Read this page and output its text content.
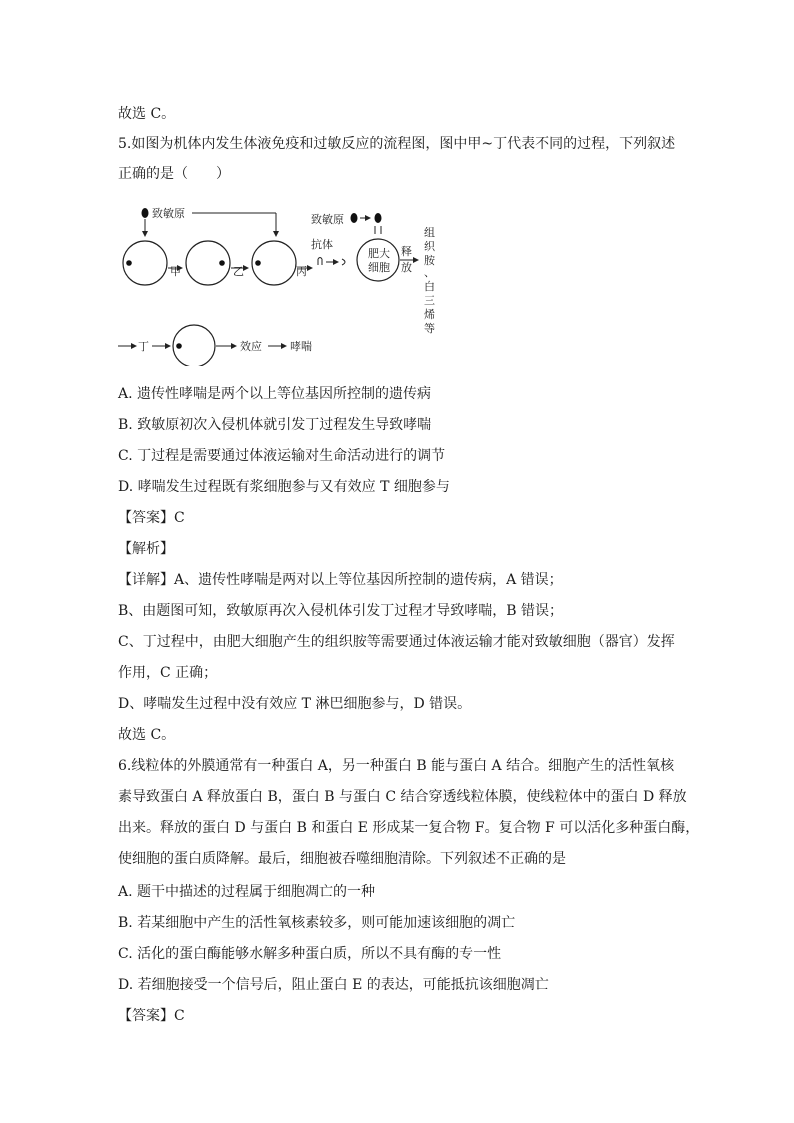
故选 C。
5.如图为机体内发生体液免疫和过敏反应的流程图，图中甲~丁代表不同的过程，下列叙述
正确的是（　　）
致敏原
甲	乙	丙
抗体
致敏原
肥大
细胞
释
放
组
织
胺
、
白
三
烯
等
丁	效应	哮喘
A. 遗传性哮喘是两个以上等位基因所控制的遗传病
B. 致敏原初次入侵机体就引发丁过程发生导致哮喘
C. 丁过程是需要通过体液运输对生命活动进行的调节
D. 哮喘发生过程既有浆细胞参与又有效应 T 细胞参与
【答案】C
【解析】
【详解】A、遗传性哮喘是两对以上等位基因所控制的遗传病，A 错误；
B、由题图可知，致敏原再次入侵机体引发丁过程才导致哮喘，B 错误；
C、丁过程中，由肥大细胞产生的组织胺等需要通过体液运输才能对致敏细胞（器官）发挥
作用，C 正确；
D、哮喘发生过程中没有效应 T 淋巴细胞参与，D 错误。
故选 C。
6.线粒体的外膜通常有一种蛋白 A，另一种蛋白 B 能与蛋白 A 结合。细胞产生的活性氧核
素导致蛋白 A 释放蛋白 B，蛋白 B 与蛋白 C 结合穿透线粒体膜，使线粒体中的蛋白 D 释放
出来。释放的蛋白 D 与蛋白 B 和蛋白 E 形成某一复合物 F。复合物 F 可以活化多种蛋白酶，
使细胞的蛋白质降解。最后，细胞被吞噬细胞清除。下列叙述不正确的是
A. 题干中描述的过程属于细胞凋亡的一种
B. 若某细胞中产生的活性氧核素较多，则可能加速该细胞的凋亡
C. 活化的蛋白酶能够水解多种蛋白质，所以不具有酶的专一性
D. 若细胞接受一个信号后，阻止蛋白 E 的表达，可能抵抗该细胞凋亡
【答案】C
